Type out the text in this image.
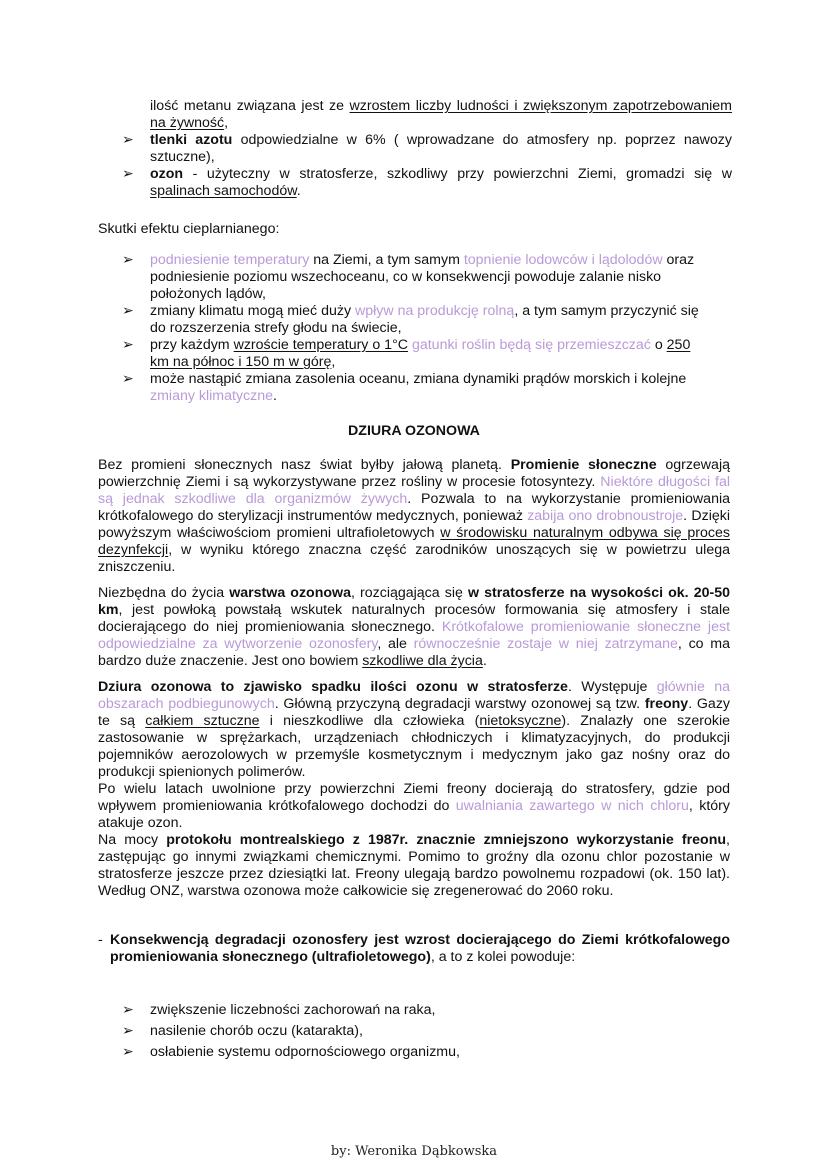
ilość metanu związana jest ze wzrostem liczby ludności i zwiększonym zapotrzebowaniem na żywność,
➢	tlenki azotu odpowiedzialne w 6% ( wprowadzane do atmosfery np. poprzez nawozy sztuczne),
➢	ozon - użyteczny w stratosferze, szkodliwy przy powierzchni Ziemi, gromadzi się w spalinach samochodów.
Skutki efektu cieplarnianego:
➢	podniesienie temperatury na Ziemi, a tym samym topnienie lodowców i lądolodów oraz podniesienie poziomu wszechoceanu, co w konsekwencji powoduje zalanie nisko położonych lądów,
➢	zmiany klimatu mogą mieć duży wpływ na produkcję rolną, a tym samym przyczynić się do rozszerzenia strefy głodu na świecie,
➢	przy każdym wzroście temperatury o 1°C gatunki roślin będą się przemieszczać o 250 km na północ i 150 m w górę,
➢	może nastąpić zmiana zasolenia oceanu, zmiana dynamiki prądów morskich i kolejne zmiany klimatyczne.
DZIURA OZONOWA

Bez promieni słonecznych nasz świat byłby jałową planetą. Promienie słoneczne ogrzewają powierzchnię Ziemi i są wykorzystywane przez rośliny w procesie fotosyntezy. Niektóre długości fal są jednak szkodliwe dla organizmów żywych. Pozwala to na wykorzystanie promieniowania krótkofalowego do sterylizacji instrumentów medycznych, ponieważ zabija ono drobnoustroje. Dzięki powyższym właściwościom promieni ultrafioletowych w środowisku naturalnym odbywa się proces dezynfekcji, w wyniku którego znaczna część zarodników unoszących się w powietrzu ulega zniszczeniu.

Niezbędna do życia warstwa ozonowa, rozciągająca się w stratosferze na wysokości ok. 20-50 km, jest powłoką powstałą wskutek naturalnych procesów formowania się atmosfery i stale docierającego do niej promieniowania słonecznego. Krótkofalowe promieniowanie słoneczne jest odpowiedzialne za wytworzenie ozonosfery, ale równocześnie zostaje w niej zatrzymane, co ma bardzo duże znaczenie. Jest ono bowiem szkodliwe dla życia.

Dziura ozonowa to zjawisko spadku ilości ozonu w stratosferze. Występuje głównie na obszarach podbiegunowych. Główną przyczyną degradacji warstwy ozonowej są tzw. freony. Gazy te są całkiem sztuczne i nieszkodliwe dla człowieka (nietoksyczne). Znalazły one szerokie zastosowanie w sprężarkach, urządzeniach chłodniczych i klimatyzacyjnych, do produkcji pojemników aerozolowych w przemyśle kosmetycznym i medycznym jako gaz nośny oraz do produkcji spienionych polimerów.

Po wielu latach uwolnione przy powierzchni Ziemi freony docierają do stratosfery, gdzie pod wpływem promieniowania krótkofalowego dochodzi do uwalniania zawartego w nich chloru, który atakuje ozon.

Na mocy protokołu montrealskiego z 1987r. znacznie zmniejszono wykorzystanie freonu, zastępując go innymi związkami chemicznymi. Pomimo to groźny dla ozonu chlor pozostanie w stratosferze jeszcze przez dziesiątki lat. Freony ulegają bardzo powolnemu rozpadowi (ok. 150 lat). Według ONZ, warstwa ozonowa może całkowicie się zregenerować do 2060 roku.

- Konsekwencją degradacji ozonosfery jest wzrost docierającego do Ziemi krótkofalowego promieniowania słonecznego (ultrafioletowego), a to z kolei powoduje:
➢	zwiększenie liczebności zachorowań na raka,
➢	nasilenie chorób oczu (katarakta),
➢	osłabienie systemu odpornościowego organizmu,
by: Weronika Dąbkowska
